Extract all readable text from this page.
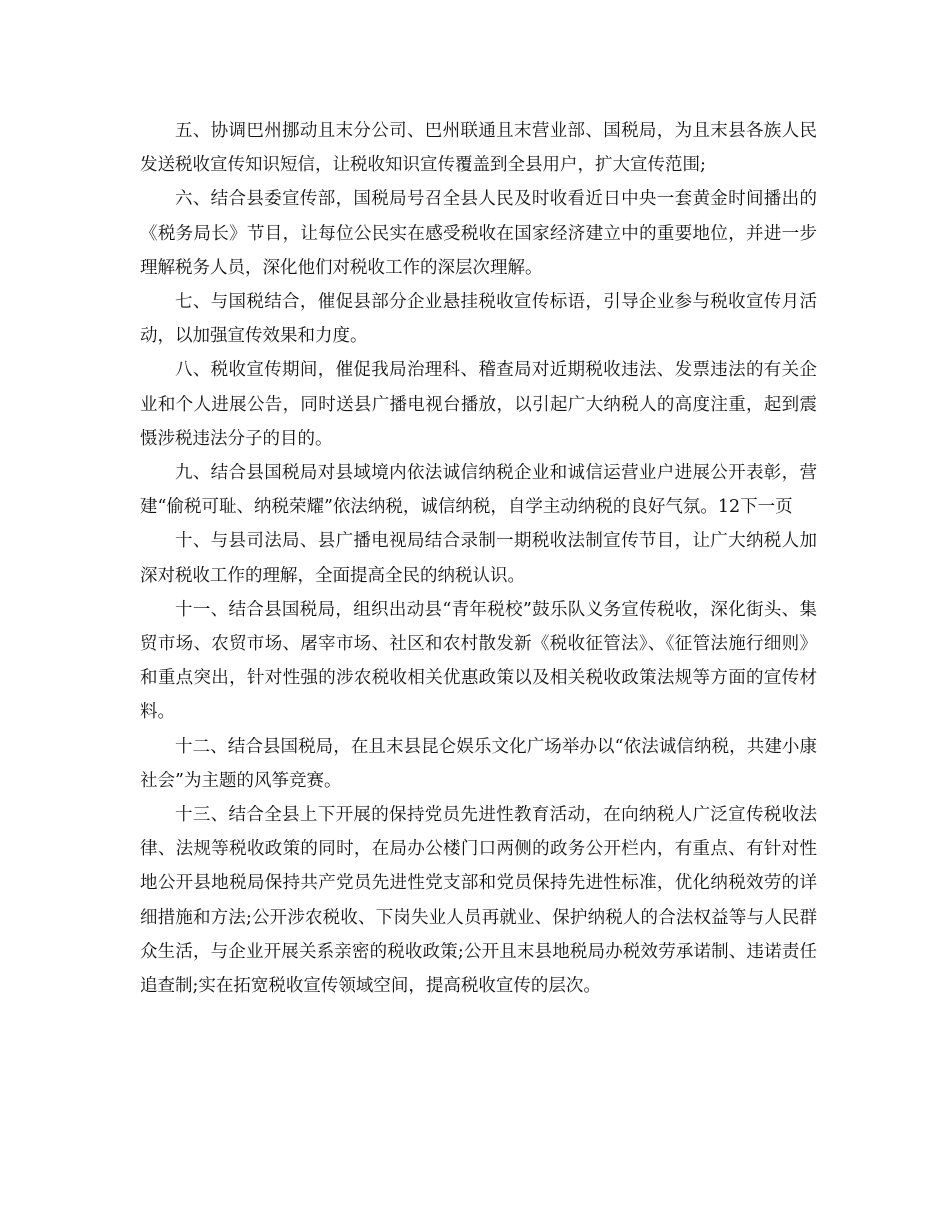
五、协调巴州挪动且末分公司、巴州联通且末营业部、国税局，为且末县各族人民发送税收宣传知识短信，让税收知识宣传覆盖到全县用户，扩大宣传范围;

六、结合县委宣传部，国税局号召全县人民及时收看近日中央一套黄金时间播出的《税务局长》节目，让每位公民实在感受税收在国家经济建立中的重要地位，并进一步理解税务人员，深化他们对税收工作的深层次理解。

七、与国税结合，催促县部分企业悬挂税收宣传标语，引导企业参与税收宣传月活动，以加强宣传效果和力度。

八、税收宣传期间，催促我局治理科、稽查局对近期税收违法、发票违法的有关企业和个人进展公告，同时送县广播电视台播放，以引起广大纳税人的高度注重，起到震慑涉税违法分子的目的。

九、结合县国税局对县域境内依法诚信纳税企业和诚信运营业户进展公开表彰，营建“偷税可耻、纳税荣耀”依法纳税，诚信纳税，自学主动纳税的良好气氛。12下一页

十、与县司法局、县广播电视局结合录制一期税收法制宣传节目，让广大纳税人加深对税收工作的理解，全面提高全民的纳税认识。

十一、结合县国税局，组织出动县“青年税校”鼓乐队义务宣传税收，深化街头、集贸市场、农贸市场、屠宰市场、社区和农村散发新《税收征管法》、《征管法施行细则》和重点突出，针对性强的涉农税收相关优惠政策以及相关税收政策法规等方面的宣传材料。

十二、结合县国税局，在且末县昆仑娱乐文化广场举办以“依法诚信纳税，共建小康社会”为主题的风筝竞赛。

十三、结合全县上下开展的保持党员先进性教育活动，在向纳税人广泛宣传税收法律、法规等税收政策的同时，在局办公楼门口两侧的政务公开栏内，有重点、有针对性地公开县地税局保持共产党员先进性党支部和党员保持先进性标准，优化纳税效劳的详细措施和方法;公开涉农税收、下岗失业人员再就业、保护纳税人的合法权益等与人民群众生活，与企业开展关系亲密的税收政策;公开且末县地税局办税效劳承诺制、违诺责任追查制;实在拓宽税收宣传领域空间，提高税收宣传的层次。
